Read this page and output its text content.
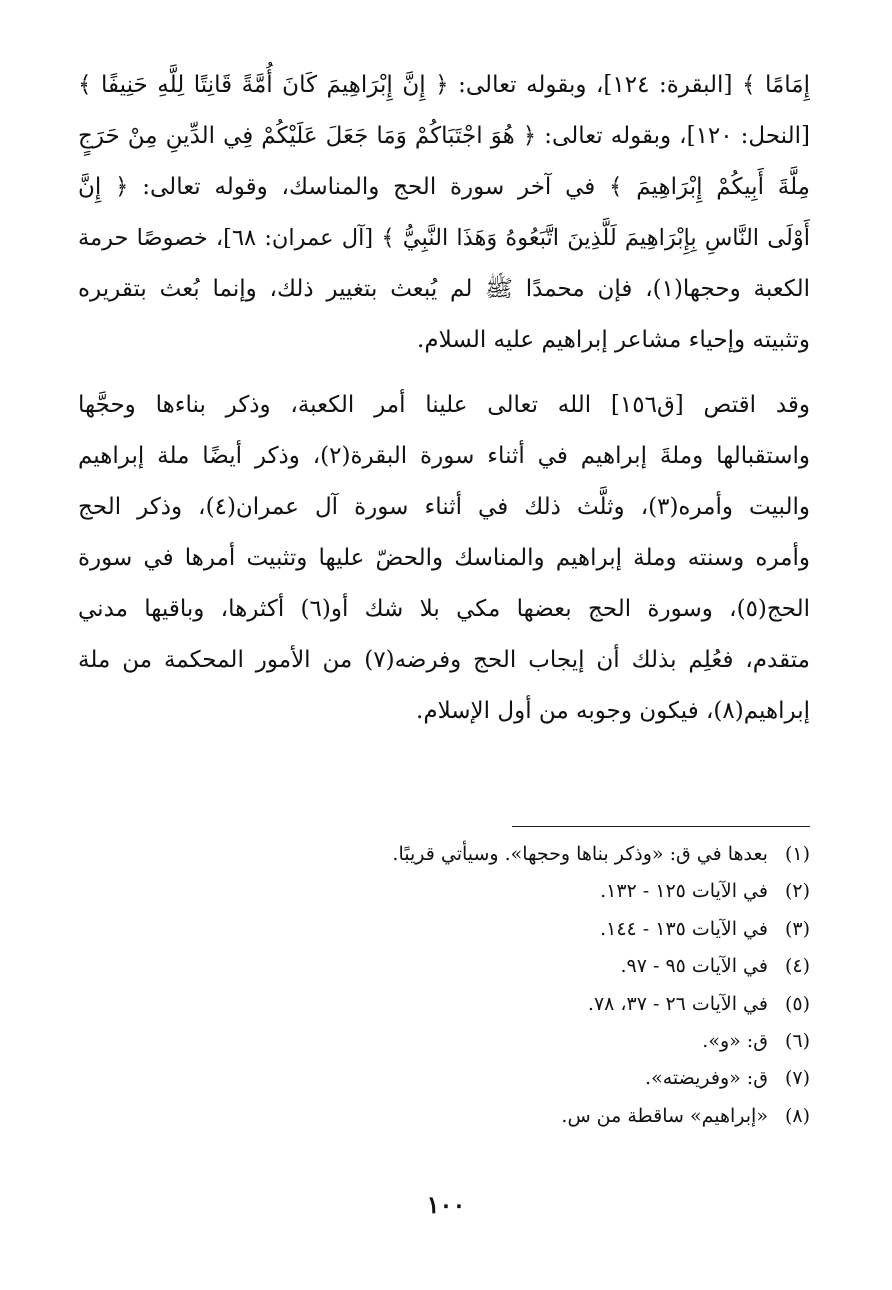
إِمَامًا ﴾ [البقرة: ١٢٤]، وبقوله تعالى: ﴿ إِنَّ إِبْرَاهِيمَ كَانَ أُمَّةً قَانِتًا لِلَّهِ حَنِيفًا ﴾
[النحل: ١٢٠]، وبقوله تعالى: ﴿ هُوَ اجْتَبَاكُمْ وَمَا جَعَلَ عَلَيْكُمْ فِي الدِّينِ مِنْ حَرَجٍ
مِلَّةَ أَبِيكُمْ إِبْرَاهِيمَ ﴾ في آخر سورة الحج والمناسك، وقوله تعالى: ﴿ إِنَّ
أَوْلَى النَّاسِ بِإِبْرَاهِيمَ لَلَّذِينَ اتَّبَعُوهُ وَهَذَا النَّبِيُّ ﴾ [آل عمران: ٦٨]، خصوصًا حرمة
الكعبة وحجها(١)، فإن محمدًا ﷺ لم يُبعث بتغيير ذلك، وإنما بُعث بتقريره
وتثبيته وإحياء مشاعر إبراهيم عليه السلام.
وقد اقتص [ق١٥٦] الله تعالى علينا أمر الكعبة، وذكر بناءها وحجَّها
واستقبالها وملةَ إبراهيم في أثناء سورة البقرة(٢)، وذكر أيضًا ملة إبراهيم
والبيت وأمره(٣)، وثلَّث ذلك في أثناء سورة آل عمران(٤)، وذكر الحج
وأمره وسنته وملة إبراهيم والمناسك والحضّ عليها وتثبيت أمرها في سورة
الحج(٥)، وسورة الحج بعضها مكي بلا شك أو(٦) أكثرها، وباقيها مدني
متقدم، فعُلِم بذلك أن إيجاب الحج وفرضه(٧) من الأمور المحكمة من ملة
إبراهيم(٨)، فيكون وجوبه من أول الإسلام.
(١) بعدها في ق: «وذكر بناها وحجها». وسيأتي قريبًا.
(٢) في الآيات ١٢٥ - ١٣٢.
(٣) في الآيات ١٣٥ - ١٤٤.
(٤) في الآيات ٩٥ - ٩٧.
(٥) في الآيات ٢٦ - ٣٧، ٧٨.
(٦) ق: «و».
(٧) ق: «وفريضته».
(٨) «إبراهيم» ساقطة من س.
١٠٠
